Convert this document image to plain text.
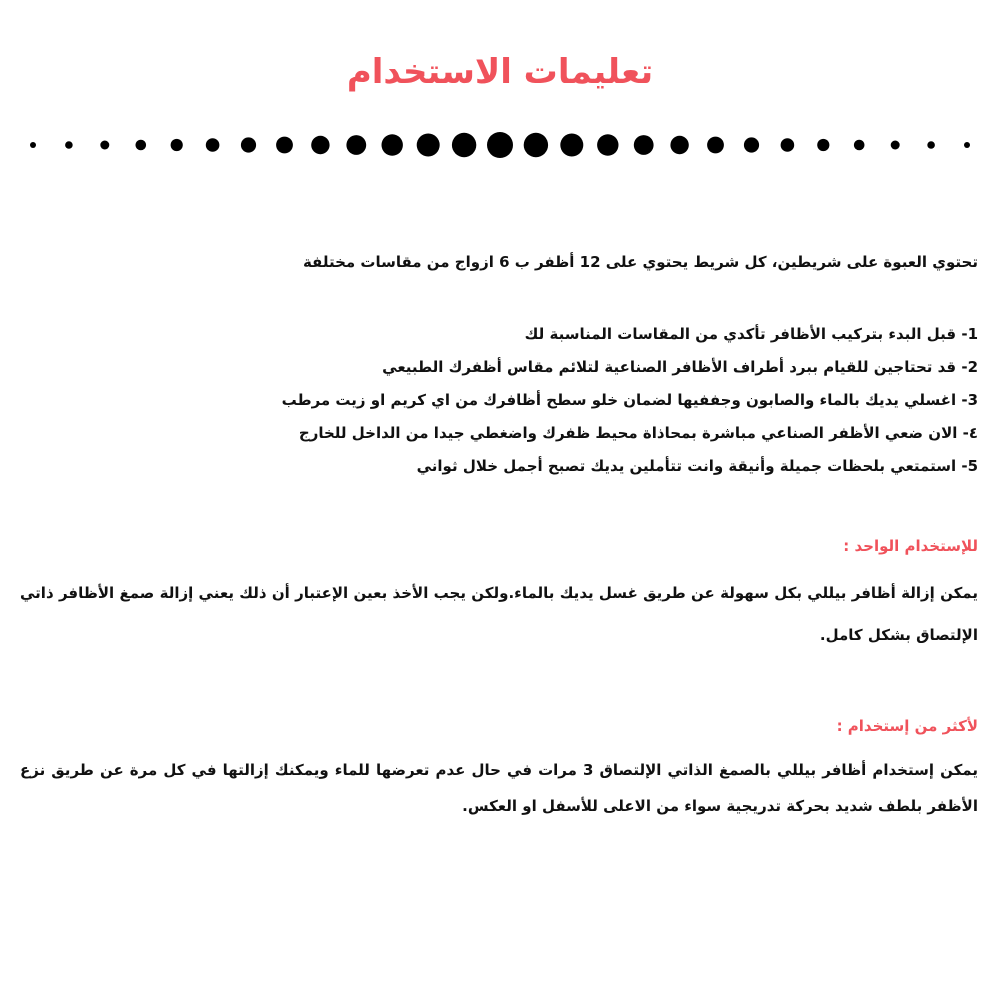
تعليمات الاستخدام

تحتوي العبوة على شريطين، كل شريط يحتوي على 12 أظفر ب 6 ازواج من مقاسات مختلفة

1- قبل البدء بتركيب الأظافر تأكدي من المقاسات المناسبة لك
2- قد تحتاجين للقيام ببرد أطراف الأظافر الصناعية لتلائم مقاس أظفرك الطبيعي
3- اغسلي يديك بالماء والصابون وجففيها لضمان خلو سطح أظافرك من اي كريم او زيت مرطب
٤- الان ضعي الأظفر الصناعي مباشرة بمحاذاة محيط ظفرك واضغطي جيدا من الداخل للخارج
5- استمتعي بلحظات جميلة وأنيقة وانت تتأملين يديك تصبح أجمل خلال ثواني

للإستخدام الواحد :

يمكن إزالة أظافر بيللي بكل سهولة عن طريق غسل يديك بالماء.ولكن يجب الأخذ بعين الإعتبار أن ذلك يعني إزالة صمغ الأظافر ذاتي الإلتصاق بشكل كامل.

لأكثر من إستخدام :

يمكن إستخدام أظافر بيللي بالصمغ الذاتي الإلتصاق 3 مرات في حال عدم تعرضها للماء ويمكنك إزالتها في كل مرة عن طريق نزع الأظفر بلطف شديد بحركة تدريجية سواء من الاعلى للأسفل او العكس.
